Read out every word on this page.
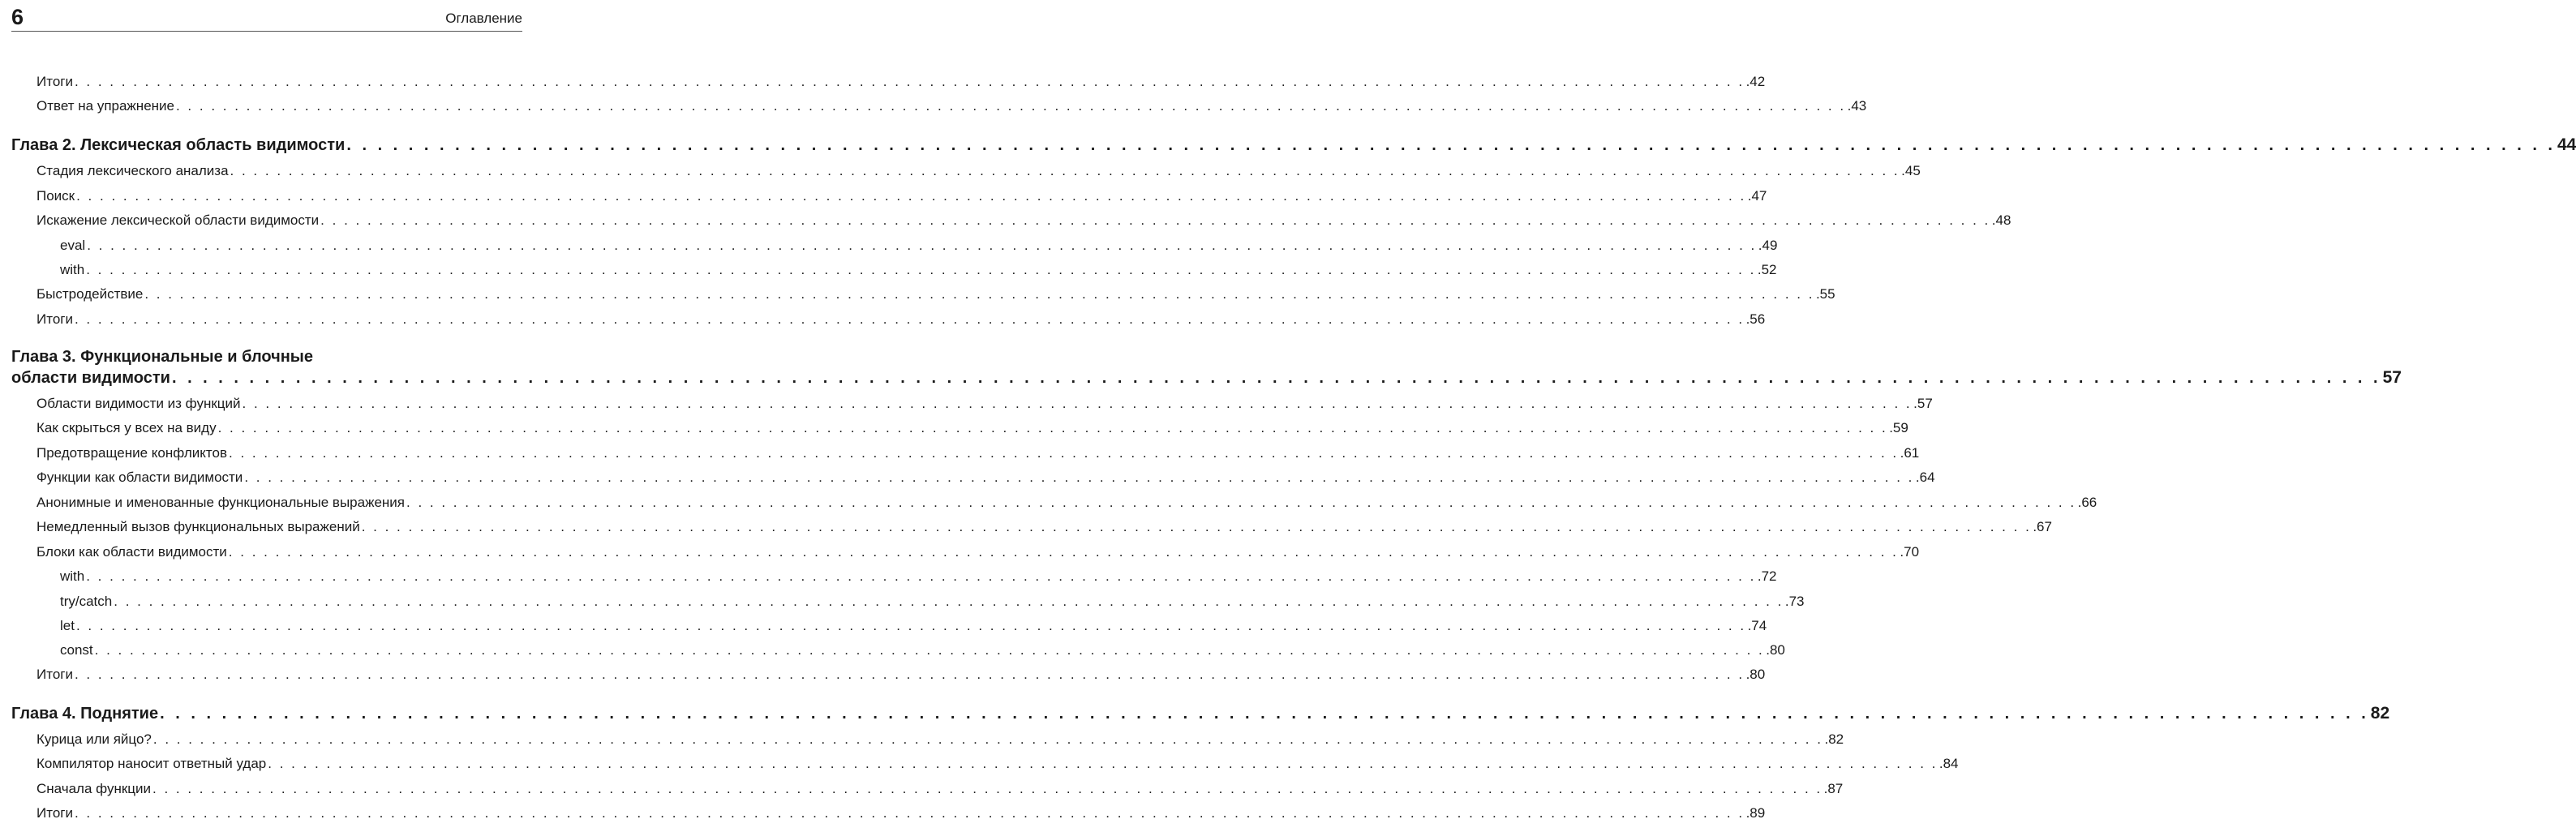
6	Оглавление
Итоги . . . . . . . . . . . . . . . . . . . . . . . . . . . . . . . . . . . . . . . . . . . . . . . . . . . . . . . . . . . . . . . . . . . . . . . . . . . . . . . . . . . . . . . . . . . . . . . . . . . . . . . . . . . . . . . . . . . . . . . . . . . . . . . . . . . . . . . . . . . . . . . .42
Ответ на упражнение . . . . . . . . . . . . . . . . . . . . . . . . . . . . . . . . . . . . . . . . . . . . . . . . . . . . . . . . . . . . . . . . . . . . . . . . . . . . . . . . . . . . . . . . . . . . . . . . . . . . . . . . . . . . . . . . . . . . . . . . . . . . . . . . . . . . . . . . . . . . . . . .43
Глава 2. Лексическая область видимости . . . . . . . . . . . . . . . . . . . . . . . . . . . . . . . . . . . . . . . . . . . . . . . . . . . . . . . . . . . . . . . . . . . . . . . . . . . . . . . . . . . . . . . . . . . . . . . . . . . . . . . . . . . . . . . . . . . . . . . . . . . . . . . . . . . . . . . . . . . . . . . 44
Стадия лексического анализа . . . . . . . . . . . . . . . . . . . . . . . . . . . . . . . . . . . . . . . . . . . . . . . . . . . . . . . . . . . . . . . . . . . . . . . . . . . . . . . . . . . . . . . . . . . . . . . . . . . . . . . . . . . . . . . . . . . . . . . . . . . . . . . . . . . . . . . . . . . . . . . .45
Поиск . . . . . . . . . . . . . . . . . . . . . . . . . . . . . . . . . . . . . . . . . . . . . . . . . . . . . . . . . . . . . . . . . . . . . . . . . . . . . . . . . . . . . . . . . . . . . . . . . . . . . . . . . . . . . . . . . . . . . . . . . . . . . . . . . . . . . . . . . . . . . . . .47
Искажение лексической области видимости . . . . . . . . . . . . . . . . . . . . . . . . . . . . . . . . . . . . . . . . . . . . . . . . . . . . . . . . . . . . . . . . . . . . . . . . . . . . . . . . . . . . . . . . . . . . . . . . . . . . . . . . . . . . . . . . . . . . . . . . . . . . . . . . . . . . . . . . . . . . . . . .48
eval . . . . . . . . . . . . . . . . . . . . . . . . . . . . . . . . . . . . . . . . . . . . . . . . . . . . . . . . . . . . . . . . . . . . . . . . . . . . . . . . . . . . . . . . . . . . . . . . . . . . . . . . . . . . . . . . . . . . . . . . . . . . . . . . . . . . . . . . . . . . . . . .49
with . . . . . . . . . . . . . . . . . . . . . . . . . . . . . . . . . . . . . . . . . . . . . . . . . . . . . . . . . . . . . . . . . . . . . . . . . . . . . . . . . . . . . . . . . . . . . . . . . . . . . . . . . . . . . . . . . . . . . . . . . . . . . . . . . . . . . . . . . . . . . . . .52
Быстродействие . . . . . . . . . . . . . . . . . . . . . . . . . . . . . . . . . . . . . . . . . . . . . . . . . . . . . . . . . . . . . . . . . . . . . . . . . . . . . . . . . . . . . . . . . . . . . . . . . . . . . . . . . . . . . . . . . . . . . . . . . . . . . . . . . . . . . . . . . . . . . . . .55
Итоги . . . . . . . . . . . . . . . . . . . . . . . . . . . . . . . . . . . . . . . . . . . . . . . . . . . . . . . . . . . . . . . . . . . . . . . . . . . . . . . . . . . . . . . . . . . . . . . . . . . . . . . . . . . . . . . . . . . . . . . . . . . . . . . . . . . . . . . . . . . . . . . .56
Глава 3. Функциональные и блочные
области видимости . . . . . . . . . . . . . . . . . . . . . . . . . . . . . . . . . . . . . . . . . . . . . . . . . . . . . . . . . . . . . . . . . . . . . . . . . . . . . . . . . . . . . . . . . . . . . . . . . . . . . . . . . . . . . . . . . . . . . . . . . . . . . . . . . . . . . . . . . . . . . . . 57
Области видимости из функций . . . . . . . . . . . . . . . . . . . . . . . . . . . . . . . . . . . . . . . . . . . . . . . . . . . . . . . . . . . . . . . . . . . . . . . . . . . . . . . . . . . . . . . . . . . . . . . . . . . . . . . . . . . . . . . . . . . . . . . . . . . . . . . . . . . . . . . . . . . . . . . .57
Как скрыться у всех на виду . . . . . . . . . . . . . . . . . . . . . . . . . . . . . . . . . . . . . . . . . . . . . . . . . . . . . . . . . . . . . . . . . . . . . . . . . . . . . . . . . . . . . . . . . . . . . . . . . . . . . . . . . . . . . . . . . . . . . . . . . . . . . . . . . . . . . . . . . . . . . . . .59
Предотвращение конфликтов . . . . . . . . . . . . . . . . . . . . . . . . . . . . . . . . . . . . . . . . . . . . . . . . . . . . . . . . . . . . . . . . . . . . . . . . . . . . . . . . . . . . . . . . . . . . . . . . . . . . . . . . . . . . . . . . . . . . . . . . . . . . . . . . . . . . . . . . . . . . . . . .61
Функции как области видимости . . . . . . . . . . . . . . . . . . . . . . . . . . . . . . . . . . . . . . . . . . . . . . . . . . . . . . . . . . . . . . . . . . . . . . . . . . . . . . . . . . . . . . . . . . . . . . . . . . . . . . . . . . . . . . . . . . . . . . . . . . . . . . . . . . . . . . . . . . . . . . . .64
Анонимные и именованные функциональные выражения . . . . . . . . . . . . . . . . . . . . . . . . . . . . . . . . . . . . . . . . . . . . . . . . . . . . . . . . . . . . . . . . . . . . . . . . . . . . . . . . . . . . . . . . . . . . . . . . . . . . . . . . . . . . . . . . . . . . . . . . . . . . . . . . . . . . . . . . . . . . . . . .66
Немедленный вызов функциональных выражений . . . . . . . . . . . . . . . . . . . . . . . . . . . . . . . . . . . . . . . . . . . . . . . . . . . . . . . . . . . . . . . . . . . . . . . . . . . . . . . . . . . . . . . . . . . . . . . . . . . . . . . . . . . . . . . . . . . . . . . . . . . . . . . . . . . . . . . . . . . . . . . .67
Блоки как области видимости . . . . . . . . . . . . . . . . . . . . . . . . . . . . . . . . . . . . . . . . . . . . . . . . . . . . . . . . . . . . . . . . . . . . . . . . . . . . . . . . . . . . . . . . . . . . . . . . . . . . . . . . . . . . . . . . . . . . . . . . . . . . . . . . . . . . . . . . . . . . . . . .70
with . . . . . . . . . . . . . . . . . . . . . . . . . . . . . . . . . . . . . . . . . . . . . . . . . . . . . . . . . . . . . . . . . . . . . . . . . . . . . . . . . . . . . . . . . . . . . . . . . . . . . . . . . . . . . . . . . . . . . . . . . . . . . . . . . . . . . . . . . . . . . . . .72
try/catch . . . . . . . . . . . . . . . . . . . . . . . . . . . . . . . . . . . . . . . . . . . . . . . . . . . . . . . . . . . . . . . . . . . . . . . . . . . . . . . . . . . . . . . . . . . . . . . . . . . . . . . . . . . . . . . . . . . . . . . . . . . . . . . . . . . . . . . . . . . . . . . .73
let . . . . . . . . . . . . . . . . . . . . . . . . . . . . . . . . . . . . . . . . . . . . . . . . . . . . . . . . . . . . . . . . . . . . . . . . . . . . . . . . . . . . . . . . . . . . . . . . . . . . . . . . . . . . . . . . . . . . . . . . . . . . . . . . . . . . . . . . . . . . . . . .74
const . . . . . . . . . . . . . . . . . . . . . . . . . . . . . . . . . . . . . . . . . . . . . . . . . . . . . . . . . . . . . . . . . . . . . . . . . . . . . . . . . . . . . . . . . . . . . . . . . . . . . . . . . . . . . . . . . . . . . . . . . . . . . . . . . . . . . . . . . . . . . . . .80
Итоги . . . . . . . . . . . . . . . . . . . . . . . . . . . . . . . . . . . . . . . . . . . . . . . . . . . . . . . . . . . . . . . . . . . . . . . . . . . . . . . . . . . . . . . . . . . . . . . . . . . . . . . . . . . . . . . . . . . . . . . . . . . . . . . . . . . . . . . . . . . . . . . .80
Глава 4. Поднятие . . . . . . . . . . . . . . . . . . . . . . . . . . . . . . . . . . . . . . . . . . . . . . . . . . . . . . . . . . . . . . . . . . . . . . . . . . . . . . . . . . . . . . . . . . . . . . . . . . . . . . . . . . . . . . . . . . . . . . . . . . . . . . . . . . . . . . . . . . . . . . . 82
Курица или яйцо? . . . . . . . . . . . . . . . . . . . . . . . . . . . . . . . . . . . . . . . . . . . . . . . . . . . . . . . . . . . . . . . . . . . . . . . . . . . . . . . . . . . . . . . . . . . . . . . . . . . . . . . . . . . . . . . . . . . . . . . . . . . . . . . . . . . . . . . . . . . . . . . .82
Компилятор наносит ответный удар . . . . . . . . . . . . . . . . . . . . . . . . . . . . . . . . . . . . . . . . . . . . . . . . . . . . . . . . . . . . . . . . . . . . . . . . . . . . . . . . . . . . . . . . . . . . . . . . . . . . . . . . . . . . . . . . . . . . . . . . . . . . . . . . . . . . . . . . . . . . . . . .84
Сначала функции . . . . . . . . . . . . . . . . . . . . . . . . . . . . . . . . . . . . . . . . . . . . . . . . . . . . . . . . . . . . . . . . . . . . . . . . . . . . . . . . . . . . . . . . . . . . . . . . . . . . . . . . . . . . . . . . . . . . . . . . . . . . . . . . . . . . . . . . . . . . . . . .87
Итоги . . . . . . . . . . . . . . . . . . . . . . . . . . . . . . . . . . . . . . . . . . . . . . . . . . . . . . . . . . . . . . . . . . . . . . . . . . . . . . . . . . . . . . . . . . . . . . . . . . . . . . . . . . . . . . . . . . . . . . . . . . . . . . . . . . . . . . . . . . . . . . . .89
